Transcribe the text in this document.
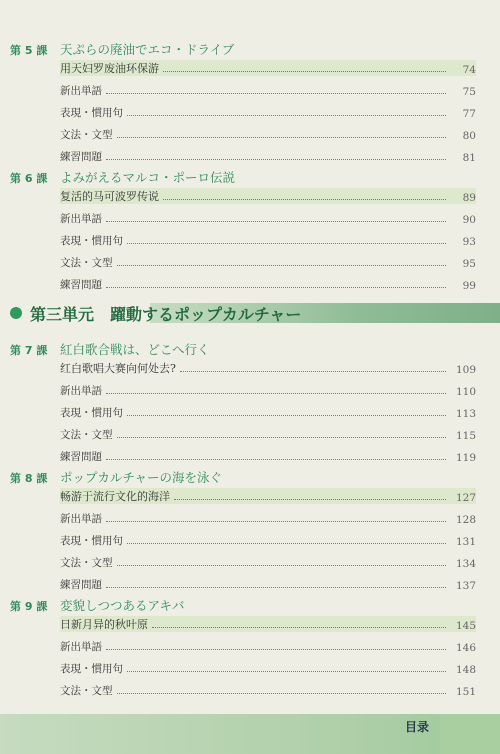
第 5 課	天ぷらの廃油でエコ・ドライブ
用天妇罗废油环保游	74
新出単語	75
表現・慣用句	77
文法・文型	80
練習問題	81
第 6 課	よみがえるマルコ・ポーロ伝説
复活的马可波罗传说	89
新出単語	90
表現・慣用句	93
文法・文型	95
練習問題	99
第三単元　躍動するポップカルチャー
第 7 課	紅白歌合戦は、どこへ行く
红白歌唱大赛向何处去?	109
新出単語	110
表現・慣用句	113
文法・文型	115
練習問題	119
第 8 課	ポップカルチャーの海を泳ぐ
畅游于流行文化的海洋	127
新出単語	128
表現・慣用句	131
文法・文型	134
練習問題	137
第 9 課	変貌しつつあるアキバ
日新月异的秋叶原	145
新出単語	146
表現・慣用句	148
文法・文型	151
目录
